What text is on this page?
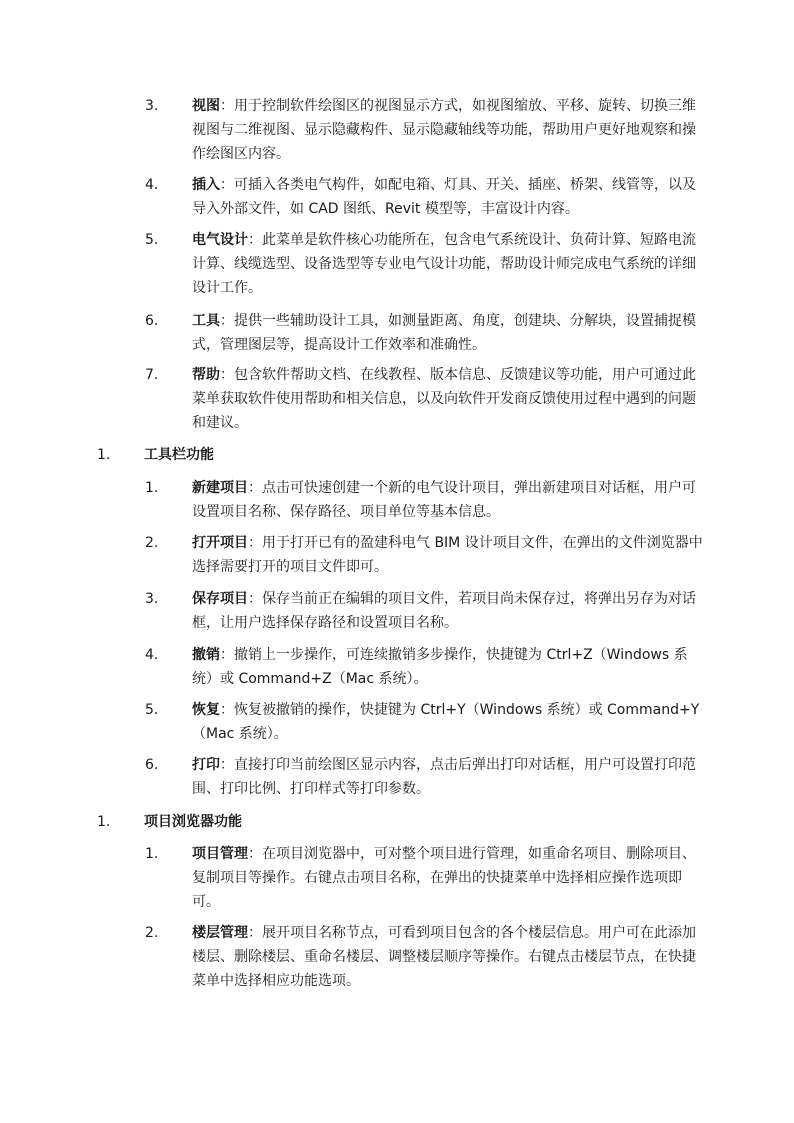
3. 视图：用于控制软件绘图区的视图显示方式，如视图缩放、平移、旋转、切换三维视图与二维视图、显示隐藏构件、显示隐藏轴线等功能，帮助用户更好地观察和操作绘图区内容。
4. 插入：可插入各类电气构件，如配电箱、灯具、开关、插座、桥架、线管等，以及导入外部文件，如 CAD 图纸、Revit 模型等，丰富设计内容。
5. 电气设计：此菜单是软件核心功能所在，包含电气系统设计、负荷计算、短路电流计算、线缆选型、设备选型等专业电气设计功能，帮助设计师完成电气系统的详细设计工作。
6. 工具：提供一些辅助设计工具，如测量距离、角度，创建块、分解块，设置捕捉模式，管理图层等，提高设计工作效率和准确性。
7. 帮助：包含软件帮助文档、在线教程、版本信息、反馈建议等功能，用户可通过此菜单获取软件使用帮助和相关信息，以及向软件开发商反馈使用过程中遇到的问题和建议。
1. 工具栏功能
1. 新建项目：点击可快速创建一个新的电气设计项目，弹出新建项目对话框，用户可设置项目名称、保存路径、项目单位等基本信息。
2. 打开项目：用于打开已有的盈建科电气 BIM 设计项目文件，在弹出的文件浏览器中选择需要打开的项目文件即可。
3. 保存项目：保存当前正在编辑的项目文件，若项目尚未保存过，将弹出另存为对话框，让用户选择保存路径和设置项目名称。
4. 撤销：撤销上一步操作，可连续撤销多步操作，快捷键为 Ctrl+Z（Windows 系统）或 Command+Z（Mac 系统）。
5. 恢复：恢复被撤销的操作，快捷键为 Ctrl+Y（Windows 系统）或 Command+Y（Mac 系统）。
6. 打印：直接打印当前绘图区显示内容，点击后弹出打印对话框，用户可设置打印范围、打印比例、打印样式等打印参数。
1. 项目浏览器功能
1. 项目管理：在项目浏览器中，可对整个项目进行管理，如重命名项目、删除项目、复制项目等操作。右键点击项目名称，在弹出的快捷菜单中选择相应操作选项即可。
2. 楼层管理：展开项目名称节点，可看到项目包含的各个楼层信息。用户可在此添加楼层、删除楼层、重命名楼层、调整楼层顺序等操作。右键点击楼层节点，在快捷菜单中选择相应功能选项。
